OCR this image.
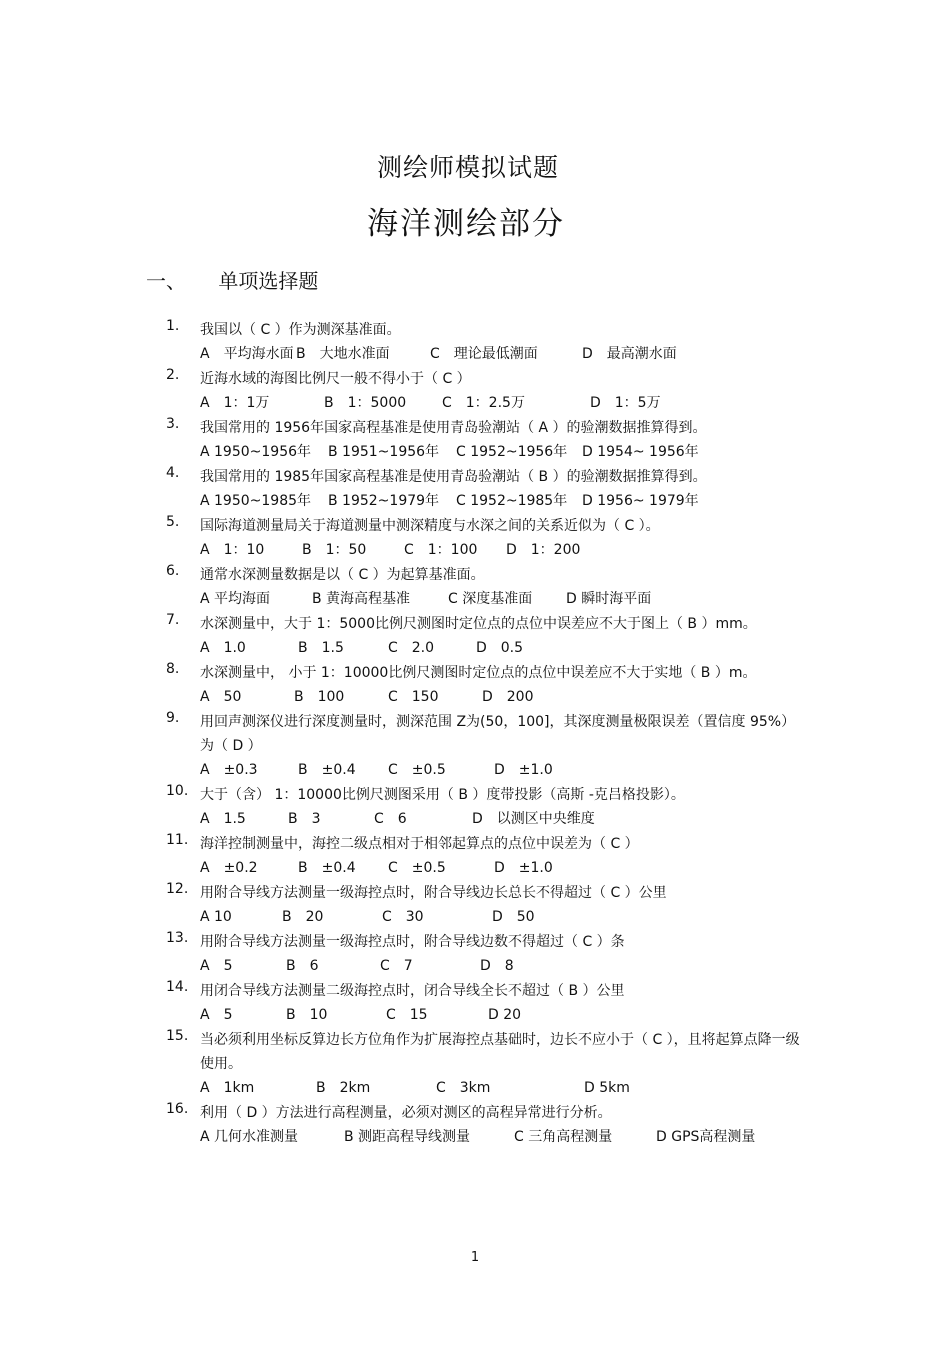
测绘师模拟试题
海洋测绘部分
一、 单项选择题
1. 我国以（ C ）作为测深基准面。
A　平均海水面 B　大地水准面	C　理论最低潮面	D　最高潮水面
2. 近海水域的海图比例尺一般不得小于（ C ）
A　1：1万	B　1：5000	C　1：2.5万	D　1：5万
3. 我国常用的 1956年国家高程基准是使用青岛验潮站（ A ）的验潮数据推算得到。
A 1950~1956年	B 1951~1956年	C 1952~1956年	D 1954~ 1956年
4. 我国常用的 1985年国家高程基准是使用青岛验潮站（ B ）的验潮数据推算得到。
A 1950~1985年	B 1952~1979年	C 1952~1985年	D 1956~ 1979年
5. 国际海道测量局关于海道测量中测深精度与水深之间的关系近似为（ C ）。
A　1：10	B　1：50	C　1：100	D　1：200
6. 通常水深测量数据是以（ C ）为起算基准面。
A 平均海面	B 黄海高程基准	C 深度基准面	D 瞬时海平面
7. 水深测量中，大于 1：5000比例尺测图时定位点的点位中误差应不大于图上（ B ）mm。
A　1.0	B　1.5	C　2.0	D　0.5
8. 水深测量中， 小于 1：10000比例尺测图时定位点的点位中误差应不大于实地（ B ）m。
A　50	B　100	C　150	D　200
9. 用回声测深仪进行深度测量时，测深范围 Z为(50，100]，其深度测量极限误差（置信度 95%）为（ D ）
A　±0.3	B　±0.4	C　±0.5	D　±1.0
10. 大于（含） 1：10000比例尺测图采用（ B ）度带投影（高斯 -克吕格投影）。
A　1.5	B　3	C　6	D　以测区中央维度
11. 海洋控制测量中，海控二级点相对于相邻起算点的点位中误差为（ C ）
A　±0.2	B　±0.4	C　±0.5	D　±1.0
12. 用附合导线方法测量一级海控点时，附合导线边长总长不得超过（ C ）公里
A 10	B　20	C　30	D　50
13. 用附合导线方法测量一级海控点时，附合导线边数不得超过（ C ）条
A　5	B　6	C　7	D　8
14. 用闭合导线方法测量二级海控点时，闭合导线全长不超过（ B ）公里
A　5	B　10	C　15	D 20
15. 当必须利用坐标反算边长方位角作为扩展海控点基础时，边长不应小于（ C ），且将起算点降一级使用。
A　1km	B　2km	C　3km	D 5km
16. 利用（ D ）方法进行高程测量，必须对测区的高程异常进行分析。
A 几何水准测量	B 测距高程导线测量	C 三角高程测量	D GPS高程测量
1
